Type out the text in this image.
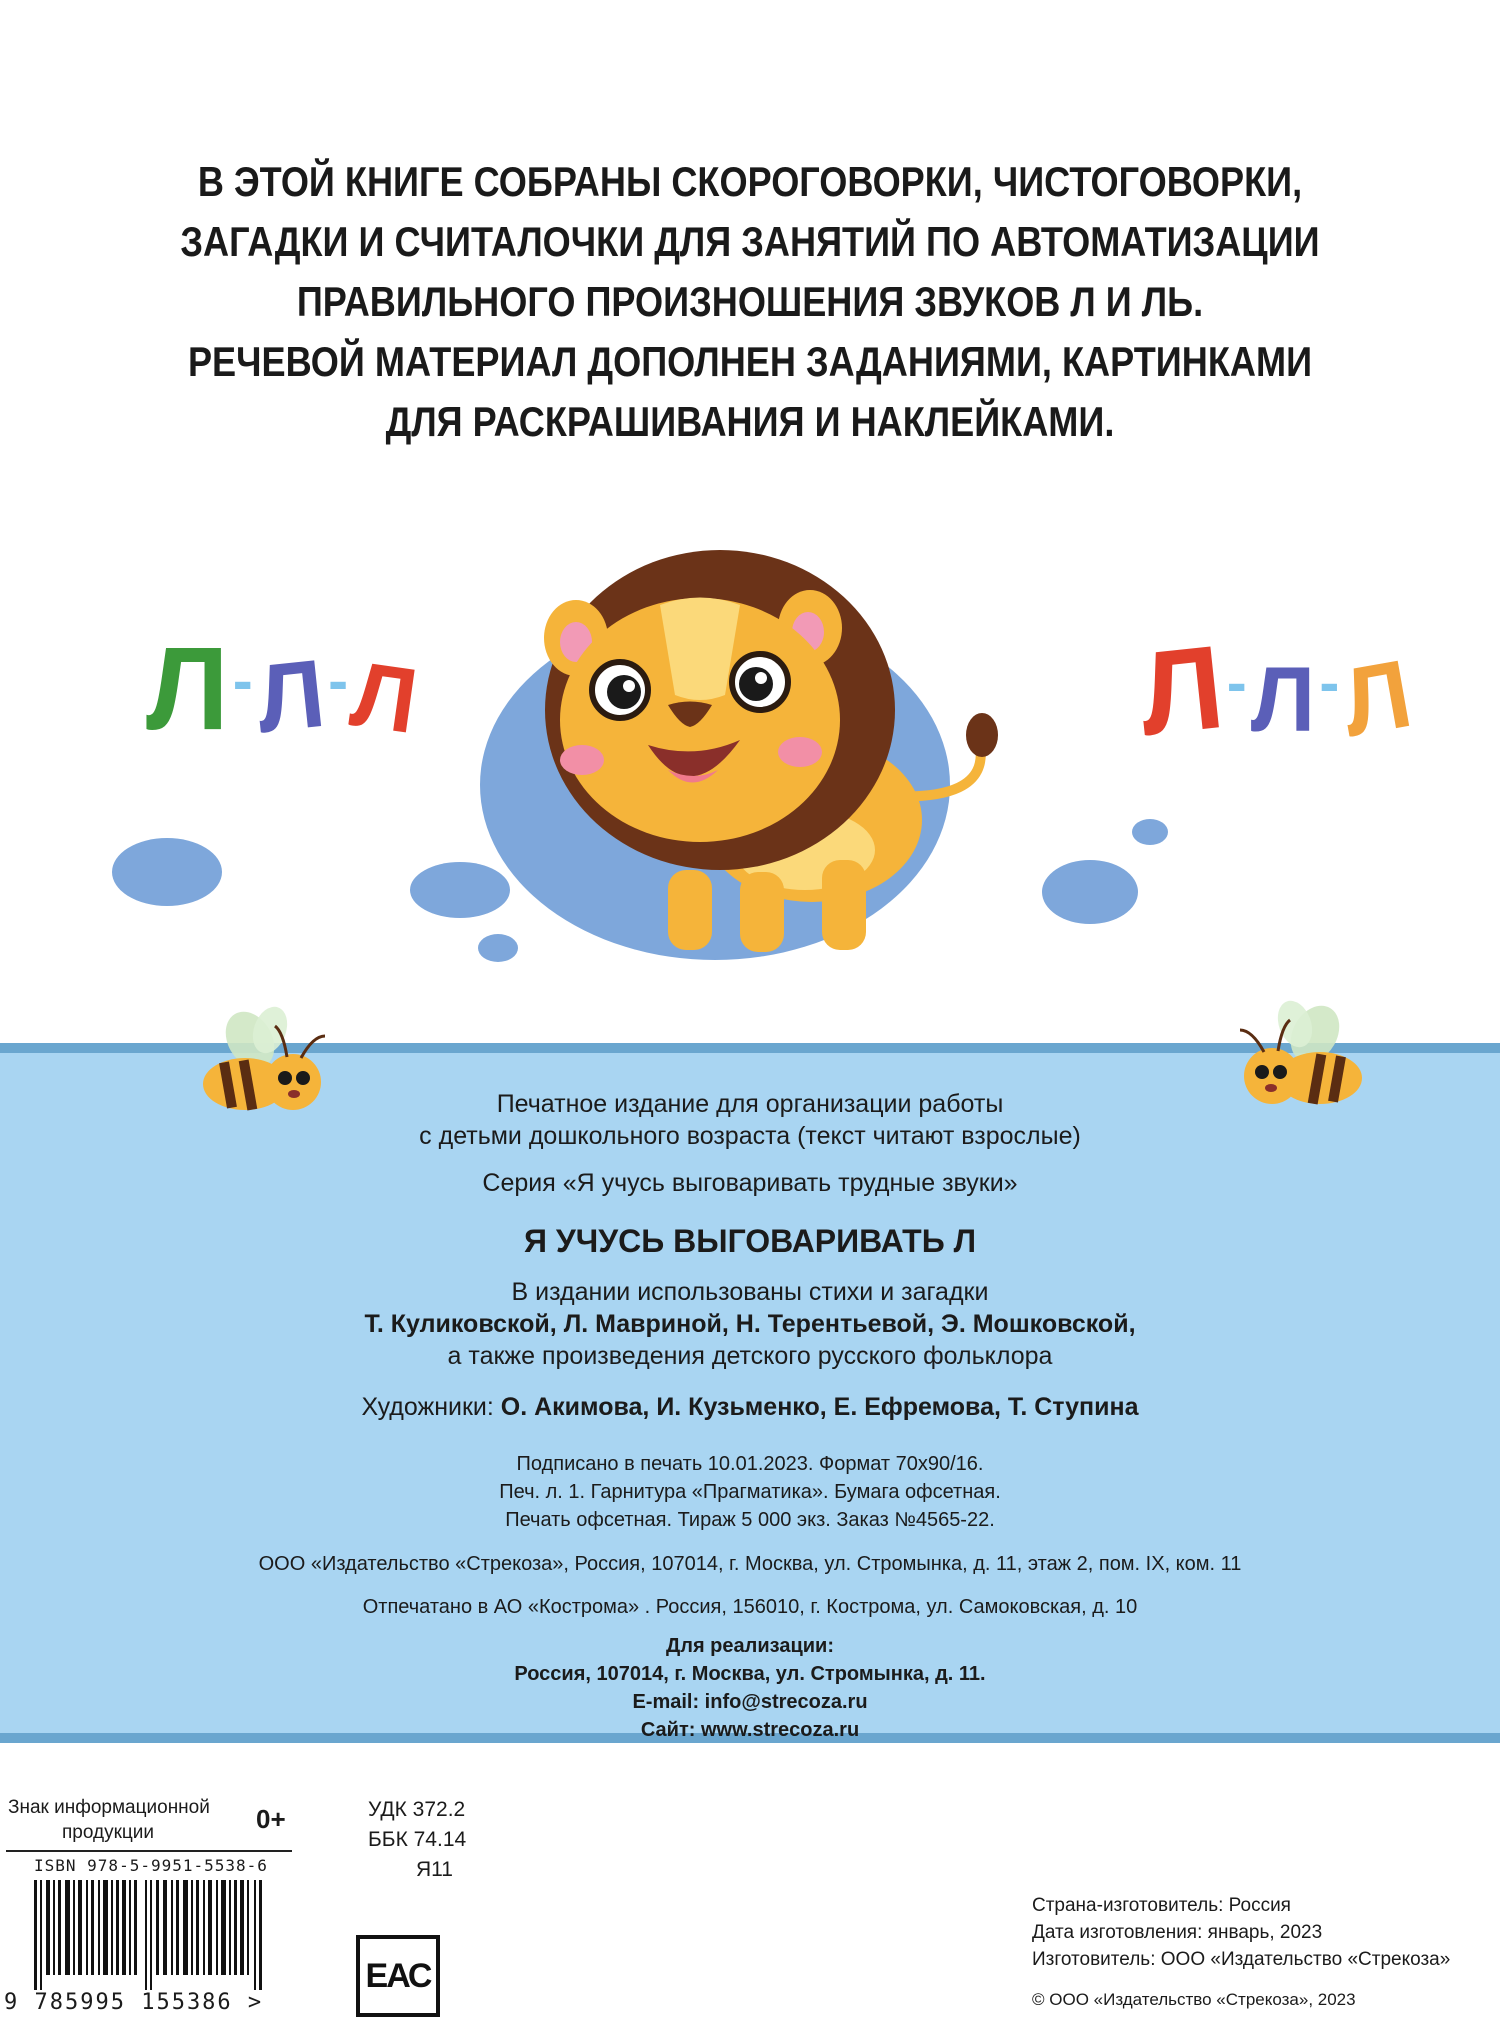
В ЭТОЙ КНИГЕ СОБРАНЫ СКОРОГОВОРКИ, ЧИСТОГОВОРКИ,
ЗАГАДКИ И СЧИТАЛОЧКИ ДЛЯ ЗАНЯТИЙ ПО АВТОМАТИЗАЦИИ
ПРАВИЛЬНОГО ПРОИЗНОШЕНИЯ ЗВУКОВ Л И ЛЬ.
РЕЧЕВОЙ МАТЕРИАЛ ДОПОЛНЕН ЗАДАНИЯМИ, КАРТИНКАМИ
ДЛЯ РАСКРАШИВАНИЯ И НАКЛЕЙКАМИ.
Л-Л-Л	Л-Л-Л
Печатное издание для организации работы
с детьми дошкольного возраста (текст читают взрослые)
Серия «Я учусь выговаривать трудные звуки»
Я УЧУСЬ ВЫГОВАРИВАТЬ Л
В издании использованы стихи и загадки
Т. Куликовской, Л. Мавриной, Н. Терентьевой, Э. Мошковской,
а также произведения детского русского фольклора
Художники: О. Акимова, И. Кузьменко, Е. Ефремова, Т. Ступина
Подписано в печать 10.01.2023. Формат 70х90/16.
Печ. л. 1. Гарнитура «Прагматика». Бумага офсетная.
Печать офсетная. Тираж 5 000 экз. Заказ №4565-22.
ООО «Издательство «Стрекоза», Россия, 107014, г. Москва, ул. Стромынка, д. 11, этаж 2, пом. IX, ком. 11
Отпечатано в АО «Кострома» . Россия, 156010, г. Кострома, ул. Самоковская, д. 10
Для реализации:
Россия, 107014, г. Москва, ул. Стромынка, д. 11.
E-mail: info@strecoza.ru
Сайт: www.strecoza.ru
Знак информационной
продукции	0+
ISBN 978-5-9951-5538-6
9 785995 155386 >
УДК 372.2
ББК 74.14
Я11
ЕАС
Страна-изготовитель: Россия
Дата изготовления: январь, 2023
Изготовитель: ООО «Издательство «Стрекоза»
© ООО «Издательство «Стрекоза», 2023
